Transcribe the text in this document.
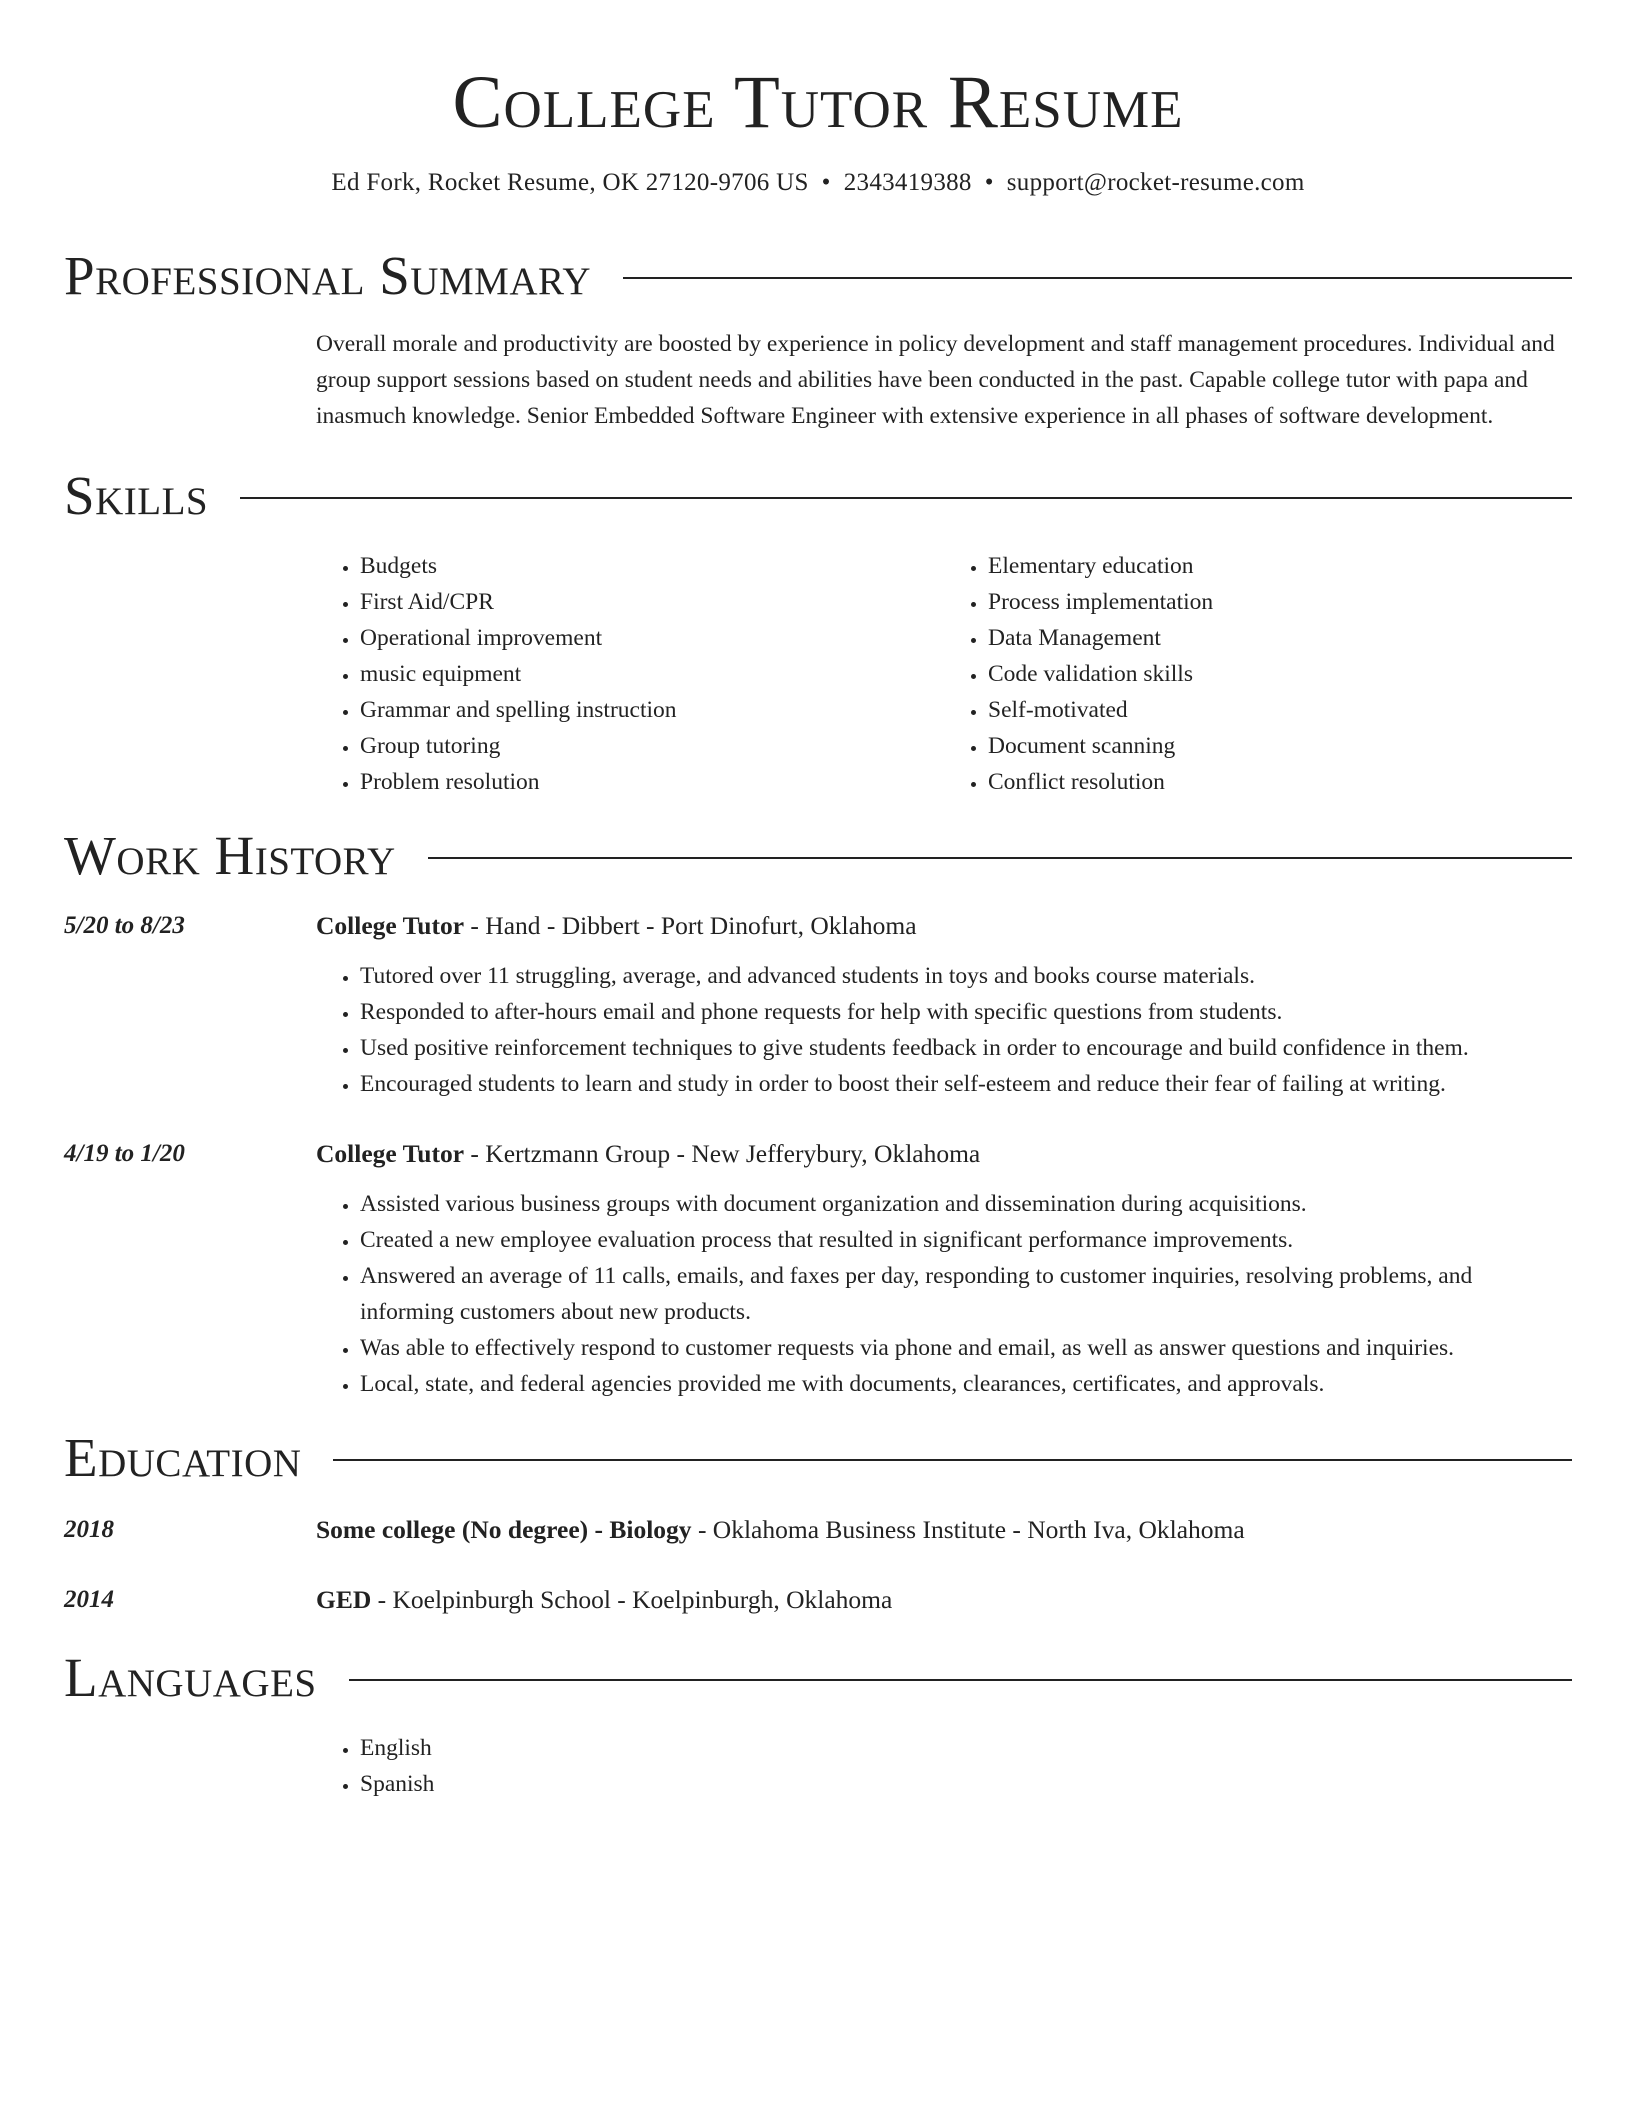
College Tutor Resume
Ed Fork, Rocket Resume, OK 27120-9706 US • 2343419388 • support@rocket-resume.com
Professional Summary
Overall morale and productivity are boosted by experience in policy development and staff management procedures. Individual and group support sessions based on student needs and abilities have been conducted in the past. Capable college tutor with papa and inasmuch knowledge. Senior Embedded Software Engineer with extensive experience in all phases of software development.
Skills
• Budgets
• First Aid/CPR
• Operational improvement
• music equipment
• Grammar and spelling instruction
• Group tutoring
• Problem resolution
• Elementary education
• Process implementation
• Data Management
• Code validation skills
• Self-motivated
• Document scanning
• Conflict resolution
Work History
5/20 to 8/23	College Tutor - Hand - Dibbert - Port Dinofurt, Oklahoma
• Tutored over 11 struggling, average, and advanced students in toys and books course materials.
• Responded to after-hours email and phone requests for help with specific questions from students.
• Used positive reinforcement techniques to give students feedback in order to encourage and build confidence in them.
• Encouraged students to learn and study in order to boost their self-esteem and reduce their fear of failing at writing.
4/19 to 1/20	College Tutor - Kertzmann Group - New Jefferybury, Oklahoma
• Assisted various business groups with document organization and dissemination during acquisitions.
• Created a new employee evaluation process that resulted in significant performance improvements.
• Answered an average of 11 calls, emails, and faxes per day, responding to customer inquiries, resolving problems, and informing customers about new products.
• Was able to effectively respond to customer requests via phone and email, as well as answer questions and inquiries.
• Local, state, and federal agencies provided me with documents, clearances, certificates, and approvals.
Education
2018	Some college (No degree) - Biology - Oklahoma Business Institute - North Iva, Oklahoma
2014	GED - Koelpinburgh School - Koelpinburgh, Oklahoma
Languages
• English
• Spanish
